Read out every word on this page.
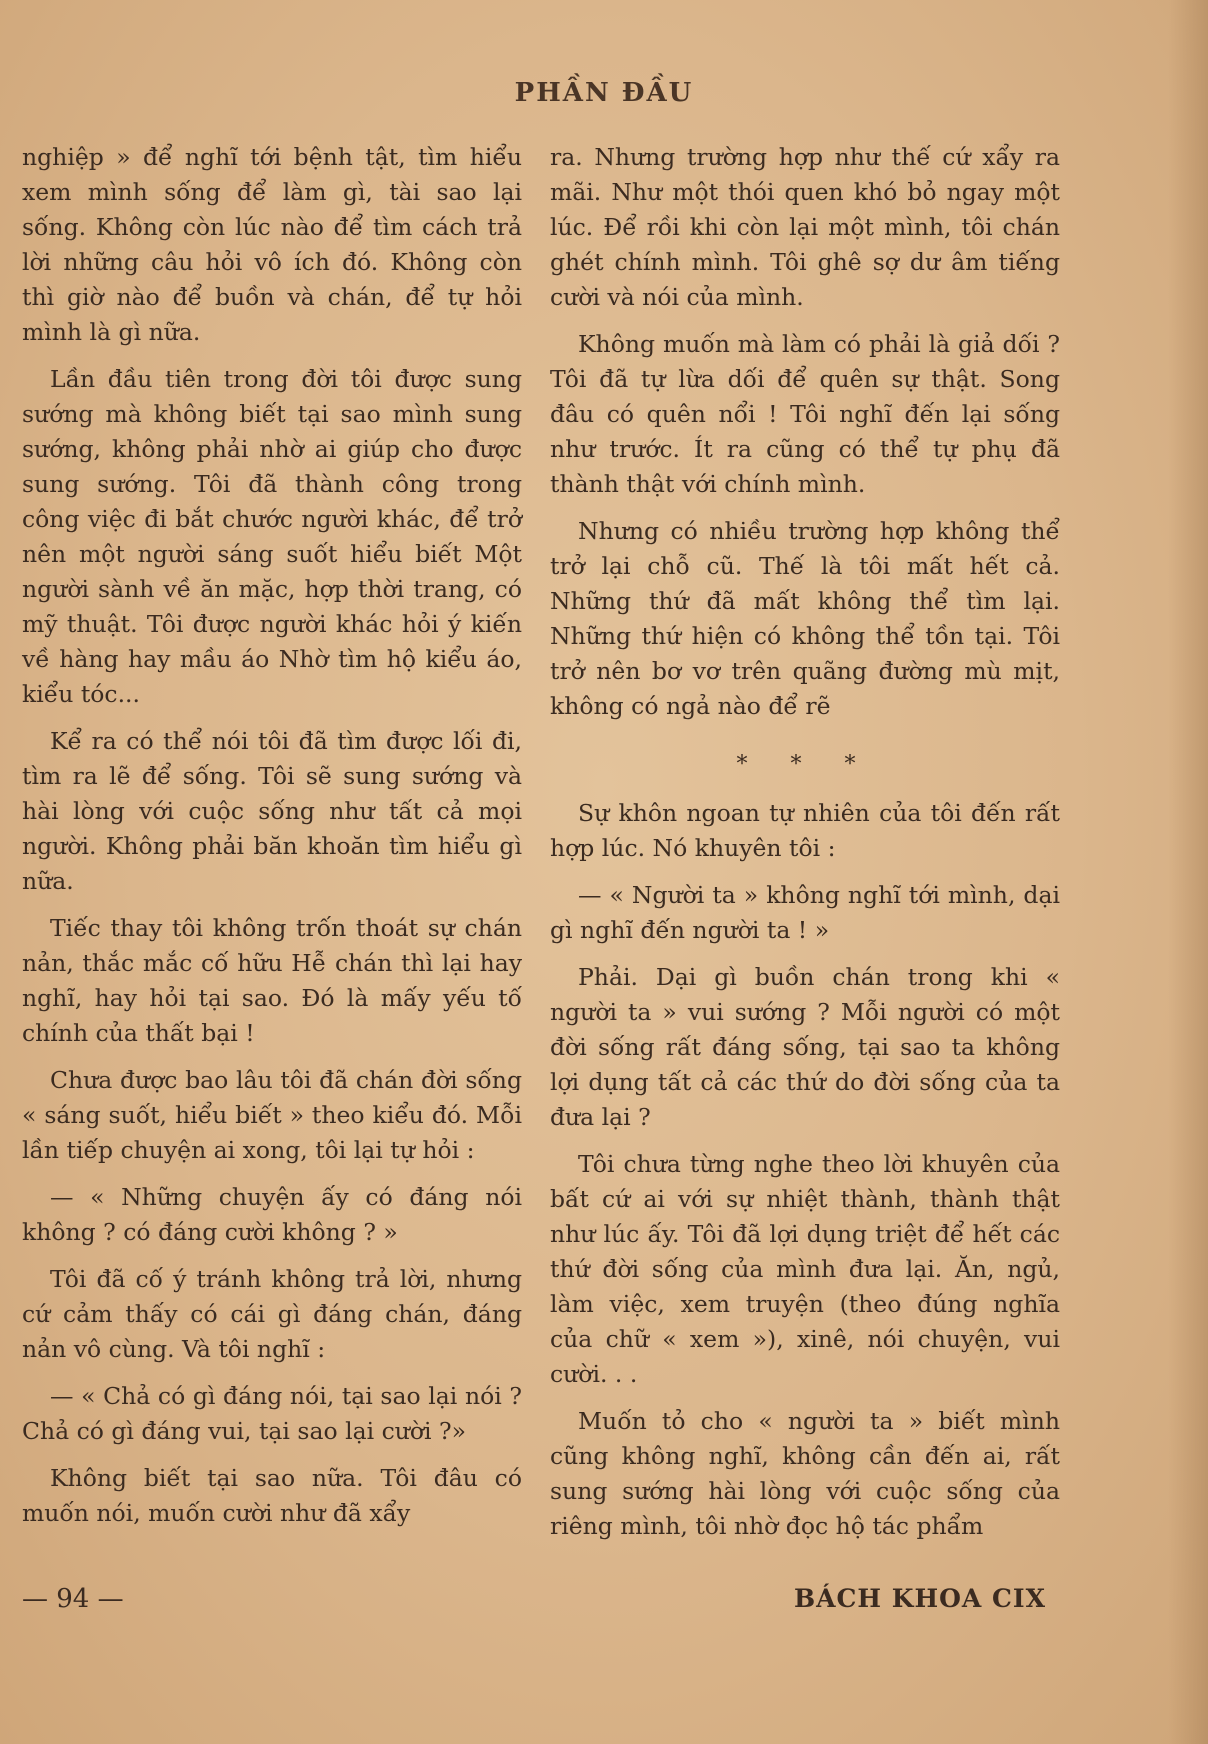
PHẦN ĐẦU

nghiệp » để nghĩ tới bệnh tật, tìm hiểu xem mình sống để làm gì, tài sao lại sống. Không còn lúc nào để tìm cách trả lời những câu hỏi vô ích đó. Không còn thì giờ nào để buồn và chán, để tự hỏi mình là gì nữa.

Lần đầu tiên trong đời tôi được sung sướng mà không biết tại sao mình sung sướng, không phải nhờ ai giúp cho được sung sướng. Tôi đã thành công trong công việc đi bắt chước người khác, để trở nên một người sáng suốt hiểu biết Một người sành về ăn mặc, hợp thời trang, có mỹ thuật. Tôi được người khác hỏi ý kiến về hàng hay mầu áo Nhờ tìm hộ kiểu áo, kiểu tóc...

Kể ra có thể nói tôi đã tìm được lối đi, tìm ra lẽ để sống. Tôi sẽ sung sướng và hài lòng với cuộc sống như tất cả mọi người. Không phải băn khoăn tìm hiểu gì nữa.

Tiếc thay tôi không trốn thoát sự chán nản, thắc mắc cố hữu Hễ chán thì lại hay nghĩ, hay hỏi tại sao. Đó là mấy yếu tố chính của thất bại !

Chưa được bao lâu tôi đã chán đời sống « sáng suốt, hiểu biết » theo kiểu đó. Mỗi lần tiếp chuyện ai xong, tôi lại tự hỏi :

— « Những chuyện ấy có đáng nói không ? có đáng cười không ? »

Tôi đã cố ý tránh không trả lời, nhưng cứ cảm thấy có cái gì đáng chán, đáng nản vô cùng. Và tôi nghĩ :

— « Chả có gì đáng nói, tại sao lại nói ? Chả có gì đáng vui, tại sao lại cười ?»

Không biết tại sao nữa. Tôi đâu có muốn nói, muốn cười như đã xẩy

ra. Nhưng trường hợp như thế cứ xẩy ra mãi. Như một thói quen khó bỏ ngay một lúc. Để rồi khi còn lại một mình, tôi chán ghét chính mình. Tôi ghê sợ dư âm tiếng cười và nói của mình.

Không muốn mà làm có phải là giả dối ? Tôi đã tự lừa dối để quên sự thật. Song đâu có quên nổi ! Tôi nghĩ đến lại sống như trước. Ít ra cũng có thể tự phụ đã thành thật với chính mình.

Nhưng có nhiều trường hợp không thể trở lại chỗ cũ. Thế là tôi mất hết cả. Những thứ đã mất không thể tìm lại. Những thứ hiện có không thể tồn tại. Tôi trở nên bơ vơ trên quãng đường mù mịt, không có ngả nào để rẽ

* * *

Sự khôn ngoan tự nhiên của tôi đến rất hợp lúc. Nó khuyên tôi :

— « Người ta » không nghĩ tới mình, dại gì nghĩ đến người ta ! »

Phải. Dại gì buồn chán trong khi « người ta » vui sướng ? Mỗi người có một đời sống rất đáng sống, tại sao ta không lợi dụng tất cả các thứ do đời sống của ta đưa lại ?

Tôi chưa từng nghe theo lời khuyên của bất cứ ai với sự nhiệt thành, thành thật như lúc ấy. Tôi đã lợi dụng triệt để hết các thứ đời sống của mình đưa lại. Ăn, ngủ, làm việc, xem truyện (theo đúng nghĩa của chữ « xem »), xinê, nói chuyện, vui cười. . .

Muốn tỏ cho « người ta » biết mình cũng không nghĩ, không cần đến ai, rất sung sướng hài lòng với cuộc sống của riêng mình, tôi nhờ đọc hộ tác phẩm

— 94 —	BÁCH KHOA CIX
